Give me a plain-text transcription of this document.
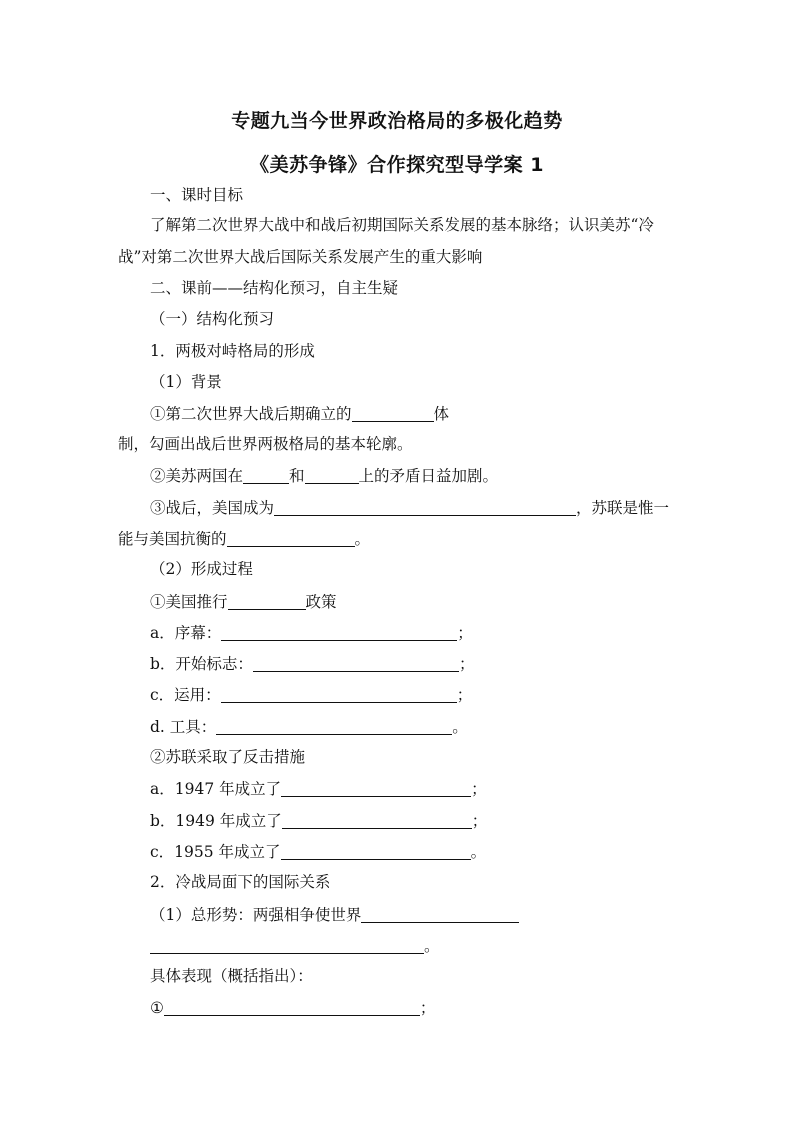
专题九当今世界政治格局的多极化趋势
《美苏争锋》合作探究型导学案 1
一、课时目标
了解第二次世界大战中和战后初期国际关系发展的基本脉络；认识美苏“冷
战”对第二次世界大战后国际关系发展产生的重大影响
二、课前——结构化预习，自主生疑
（一）结构化预习
1．两极对峙格局的形成
（1）背景
①第二次世界大战后期确立的	体
制，勾画出战后世界两极格局的基本轮廓。
②美苏两国在	和	上的矛盾日益加剧。
③战后，美国成为	，苏联是惟一
能与美国抗衡的	。
（2）形成过程
①美国推行	政策
a．序幕：	；
b．开始标志：	；
c．运用：	；
d. 工具：	。
②苏联采取了反击措施
a．1947 年成立了	；
b．1949 年成立了	；
c．1955 年成立了	。
2．冷战局面下的国际关系
（1）总形势：两强相争使世界
。
具体表现（概括指出）：
①	；
